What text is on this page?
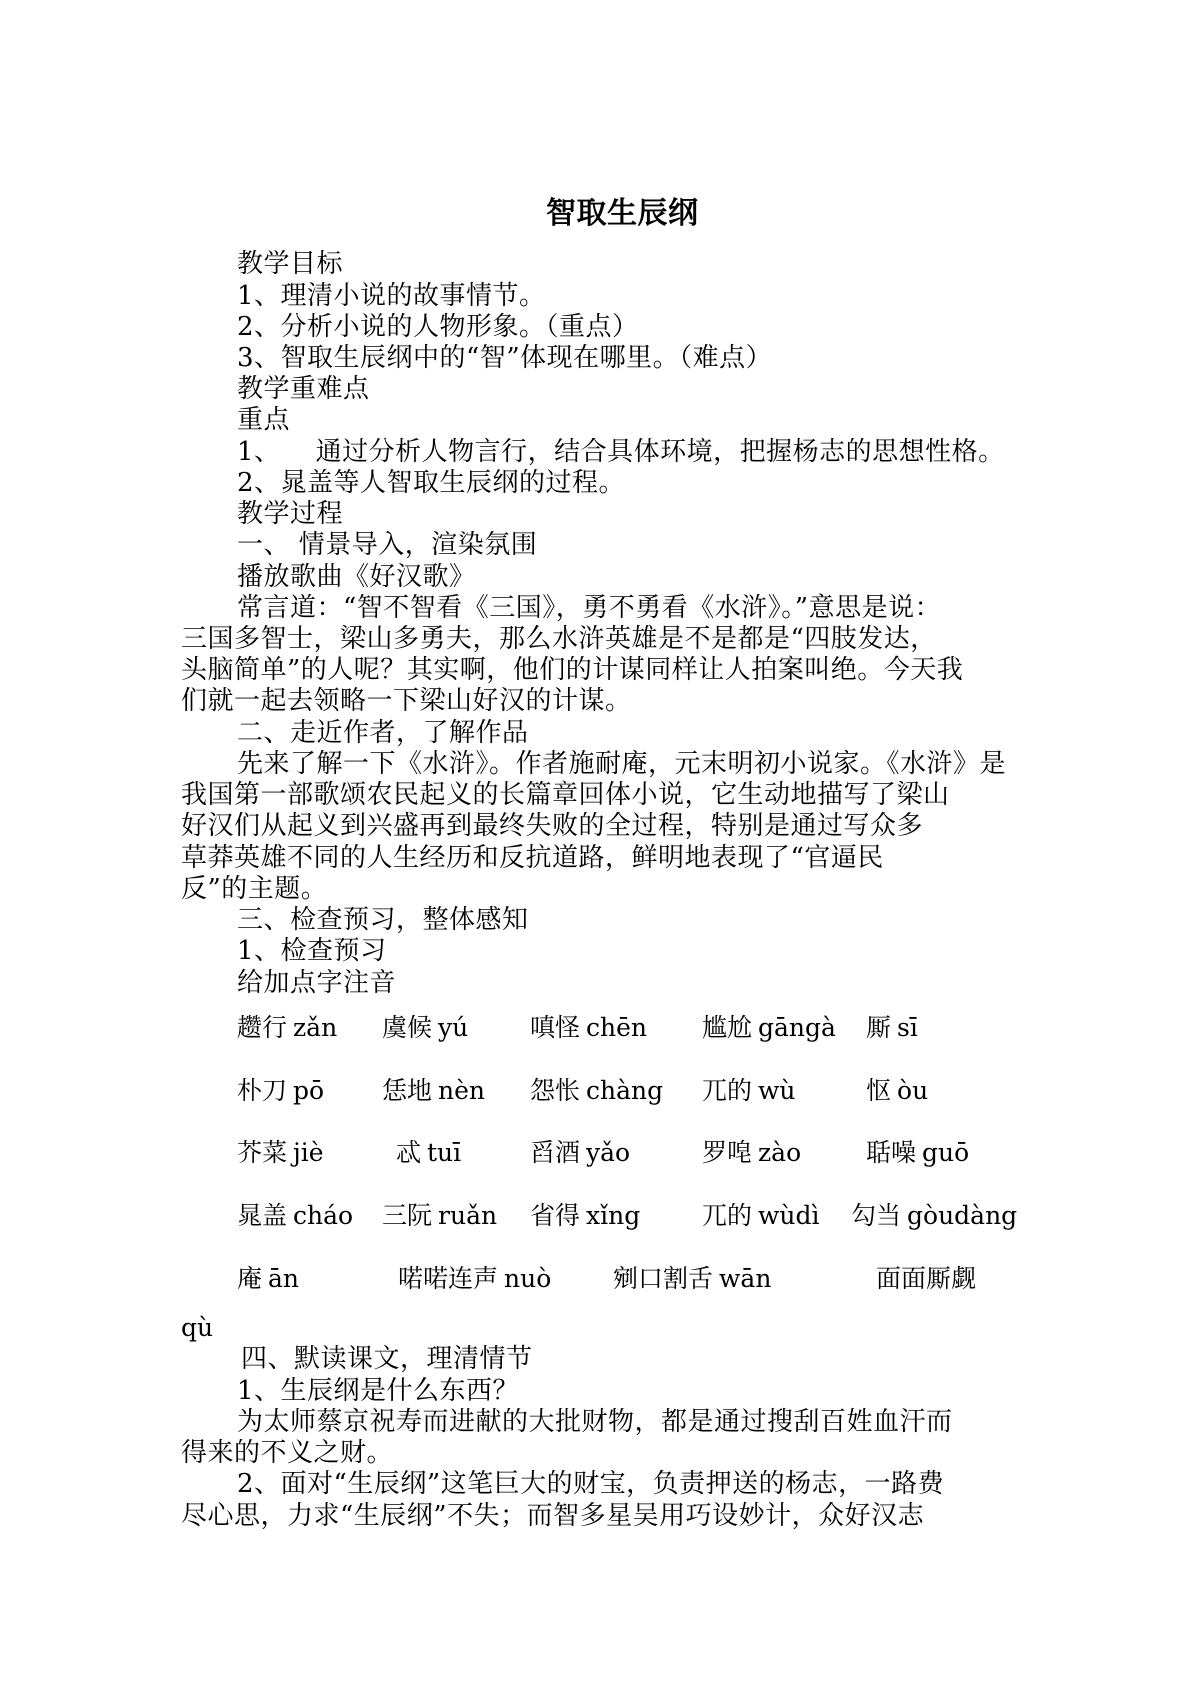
智取生辰纲
教学目标
1、理清小说的故事情节。
2、分析小说的人物形象。（重点）
3、智取生辰纲中的“智”体现在哪里。（难点）
教学重难点
重点
1、    通过分析人物言行，结合具体环境，把握杨志的思想性格。
2、晁盖等人智取生辰纲的过程。
教学过程
一、 情景导入，渲染氛围
播放歌曲《好汉歌》
常言道：“智不智看《三国》，勇不勇看《水浒》。”意思是说：
三国多智士，梁山多勇夫，那么水浒英雄是不是都是“四肢发达，
头脑简单”的人呢？其实啊，他们的计谋同样让人拍案叫绝。今天我
们就一起去领略一下梁山好汉的计谋。
二、走近作者，了解作品
先来了解一下《水浒》。作者施耐庵，元末明初小说家。《水浒》是
我国第一部歌颂农民起义的长篇章回体小说，它生动地描写了梁山
好汉们从起义到兴盛再到最终失败的全过程，特别是通过写众多
草莽英雄不同的人生经历和反抗道路，鲜明地表现了“官逼民
反”的主题。
三、检查预习，整体感知
1、检查预习
给加点字注音
趱行 zǎn 虞候 yú 嗔怪 chēn 尴尬 gāngà 厮 sī
朴刀 pō 恁地 nèn 怨怅 chàng 兀的 wù	怄 òu
芥菜 jiè	忒 tuī	舀酒 yǎo	罗唣 zào	聒噪 guō
晁盖 cháo 三阮 ruǎn 省得 xǐng 兀的 wùdì 勾当 gòudàng
庵 ān	喏喏连声 nuò 剜口割舌 wān	面面厮觑
qù
四、默读课文，理清情节
1、生辰纲是什么东西？
为太师蔡京祝寿而进献的大批财物，都是通过搜刮百姓血汗而
得来的不义之财。
2、面对“生辰纲”这笔巨大的财宝，负责押送的杨志，一路费
尽心思，力求“生辰纲”不失；而智多星吴用巧设妙计，众好汉志
